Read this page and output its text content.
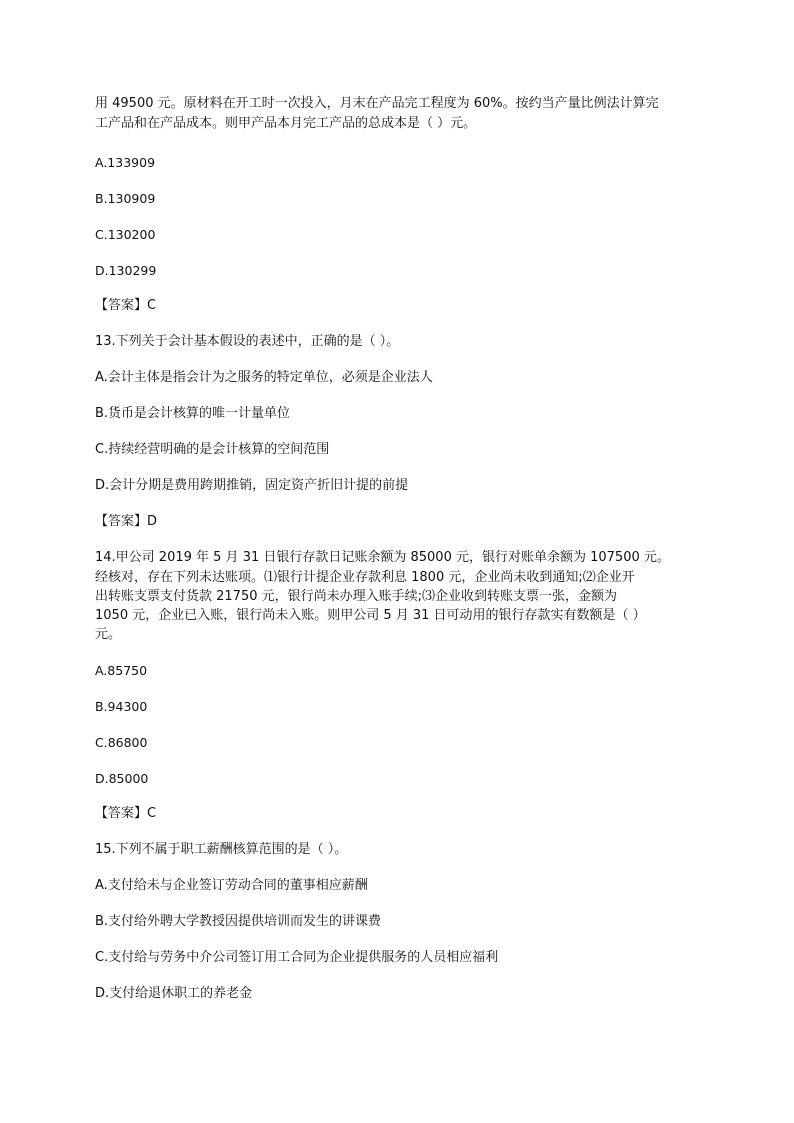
用 49500 元。原材料在开工时一次投入，月末在产品完工程度为 60%。按约当产量比例法计算完
工产品和在产品成本。则甲产品本月完工产品的总成本是（ ）元。
A.133909
B.130909
C.130200
D.130299
【答案】C
13.下列关于会计基本假设的表述中，正确的是（ ）。
A.会计主体是指会计为之服务的特定单位，必须是企业法人
B.货币是会计核算的唯一计量单位
C.持续经营明确的是会计核算的空间范围
D.会计分期是费用跨期推销，固定资产折旧计提的前提
【答案】D
14.甲公司 2019 年 5 月 31 日银行存款日记账余额为 85000 元，银行对账单余额为 107500 元。
经核对，存在下列未达账项。⑴银行计提企业存款利息 1800 元，企业尚未收到通知;⑵企业开
出转账支票支付货款 21750 元，银行尚未办理入账手续;⑶企业收到转账支票一张，金额为
1050 元，企业已入账，银行尚未入账。则甲公司 5 月 31 日可动用的银行存款实有数额是（ ）
元。
A.85750
B.94300
C.86800
D.85000
【答案】C
15.下列不属于职工薪酬核算范围的是（ ）。
A.支付给未与企业签订劳动合同的董事相应薪酬
B.支付给外聘大学教授因提供培训而发生的讲课费
C.支付给与劳务中介公司签订用工合同为企业提供服务的人员相应福利
D.支付给退休职工的养老金
